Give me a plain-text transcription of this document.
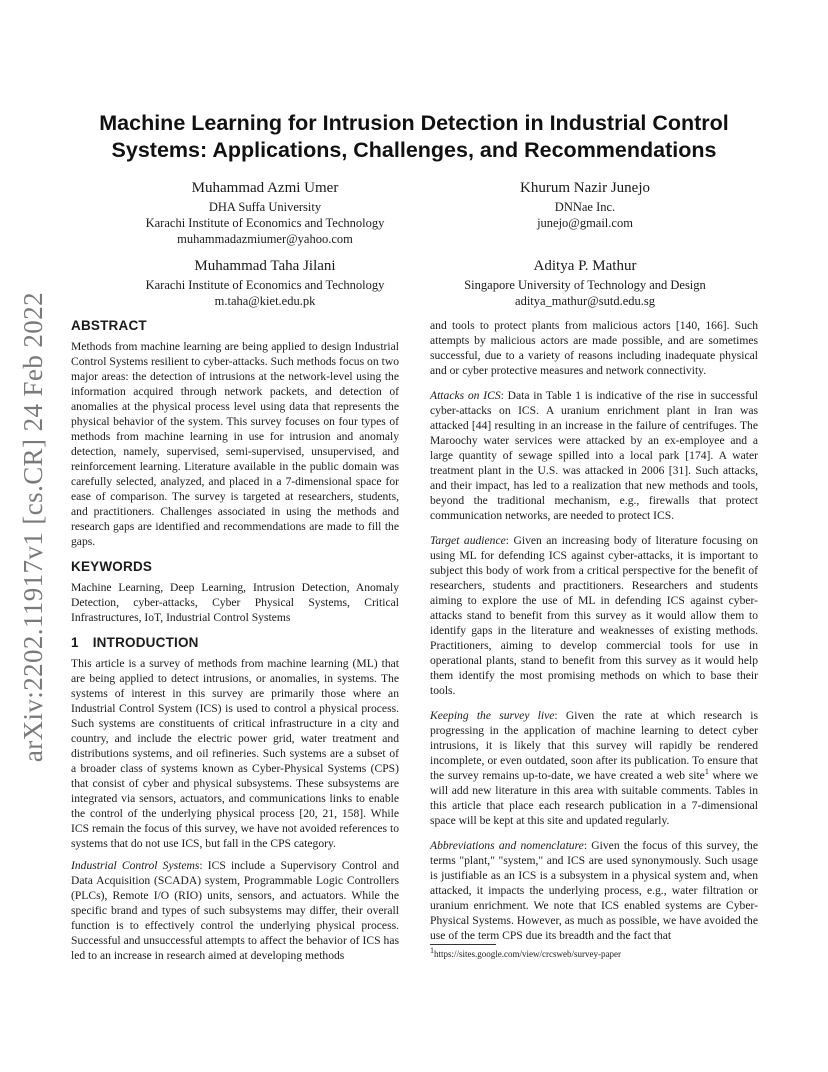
arXiv:2202.11917v1 [cs.CR] 24 Feb 2022
Machine Learning for Intrusion Detection in Industrial Control Systems: Applications, Challenges, and Recommendations
Muhammad Azmi Umer
DHA Suffa University
Karachi Institute of Economics and Technology
muhammadazmiumer@yahoo.com
Khurum Nazir Junejo
DNNae Inc.
junejo@gmail.com
Muhammad Taha Jilani
Karachi Institute of Economics and Technology
m.taha@kiet.edu.pk
Aditya P. Mathur
Singapore University of Technology and Design
aditya_mathur@sutd.edu.sg
ABSTRACT

Methods from machine learning are being applied to design Industrial Control Systems resilient to cyber-attacks. Such methods focus on two major areas: the detection of intrusions at the network-level using the information acquired through network packets, and detection of anomalies at the physical process level using data that represents the physical behavior of the system. This survey focuses on four types of methods from machine learning in use for intrusion and anomaly detection, namely, supervised, semi-supervised, unsupervised, and reinforcement learning. Literature available in the public domain was carefully selected, analyzed, and placed in a 7-dimensional space for ease of comparison. The survey is targeted at researchers, students, and practitioners. Challenges associated in using the methods and research gaps are identified and recommendations are made to fill the gaps.

KEYWORDS

Machine Learning, Deep Learning, Intrusion Detection, Anomaly Detection, cyber-attacks, Cyber Physical Systems, Critical Infrastructures, IoT, Industrial Control Systems

1 INTRODUCTION

This article is a survey of methods from machine learning (ML) that are being applied to detect intrusions, or anomalies, in systems. The systems of interest in this survey are primarily those where an Industrial Control System (ICS) is used to control a physical process. Such systems are constituents of critical infrastructure in a city and country, and include the electric power grid, water treatment and distributions systems, and oil refineries. Such systems are a subset of a broader class of systems known as Cyber-Physical Systems (CPS) that consist of cyber and physical subsystems. These subsystems are integrated via sensors, actuators, and communications links to enable the control of the underlying physical process [20, 21, 158]. While ICS remain the focus of this survey, we have not avoided references to systems that do not use ICS, but fall in the CPS category.

Industrial Control Systems: ICS include a Supervisory Control and Data Acquisition (SCADA) system, Programmable Logic Controllers (PLCs), Remote I/O (RIO) units, sensors, and actuators. While the specific brand and types of such subsystems may differ, their overall function is to effectively control the underlying physical process. Successful and unsuccessful attempts to affect the behavior of ICS has led to an increase in research aimed at developing methods

and tools to protect plants from malicious actors [140, 166]. Such attempts by malicious actors are made possible, and are sometimes successful, due to a variety of reasons including inadequate physical and or cyber protective measures and network connectivity.

Attacks on ICS: Data in Table 1 is indicative of the rise in successful cyber-attacks on ICS. A uranium enrichment plant in Iran was attacked [44] resulting in an increase in the failure of centrifuges. The Maroochy water services were attacked by an ex-employee and a large quantity of sewage spilled into a local park [174]. A water treatment plant in the U.S. was attacked in 2006 [31]. Such attacks, and their impact, has led to a realization that new methods and tools, beyond the traditional mechanism, e.g., firewalls that protect communication networks, are needed to protect ICS.

Target audience: Given an increasing body of literature focusing on using ML for defending ICS against cyber-attacks, it is important to subject this body of work from a critical perspective for the benefit of researchers, students and practitioners. Researchers and students aiming to explore the use of ML in defending ICS against cyber-attacks stand to benefit from this survey as it would allow them to identify gaps in the literature and weaknesses of existing methods. Practitioners, aiming to develop commercial tools for use in operational plants, stand to benefit from this survey as it would help them identify the most promising methods on which to base their tools.

Keeping the survey live: Given the rate at which research is progressing in the application of machine learning to detect cyber intrusions, it is likely that this survey will rapidly be rendered incomplete, or even outdated, soon after its publication. To ensure that the survey remains up-to-date, we have created a web site$^1$ where we will add new literature in this area with suitable comments. Tables in this article that place each research publication in a 7-dimensional space will be kept at this site and updated regularly.

Abbreviations and nomenclature: Given the focus of this survey, the terms "plant," "system," and ICS are used synonymously. Such usage is justifiable as an ICS is a subsystem in a physical system and, when attacked, it impacts the underlying process, e.g., water filtration or uranium enrichment. We note that ICS enabled systems are Cyber-Physical Systems. However, as much as possible, we have avoided the use of the term CPS due its breadth and the fact that

$^1$https://sites.google.com/view/crcsweb/survey-paper
